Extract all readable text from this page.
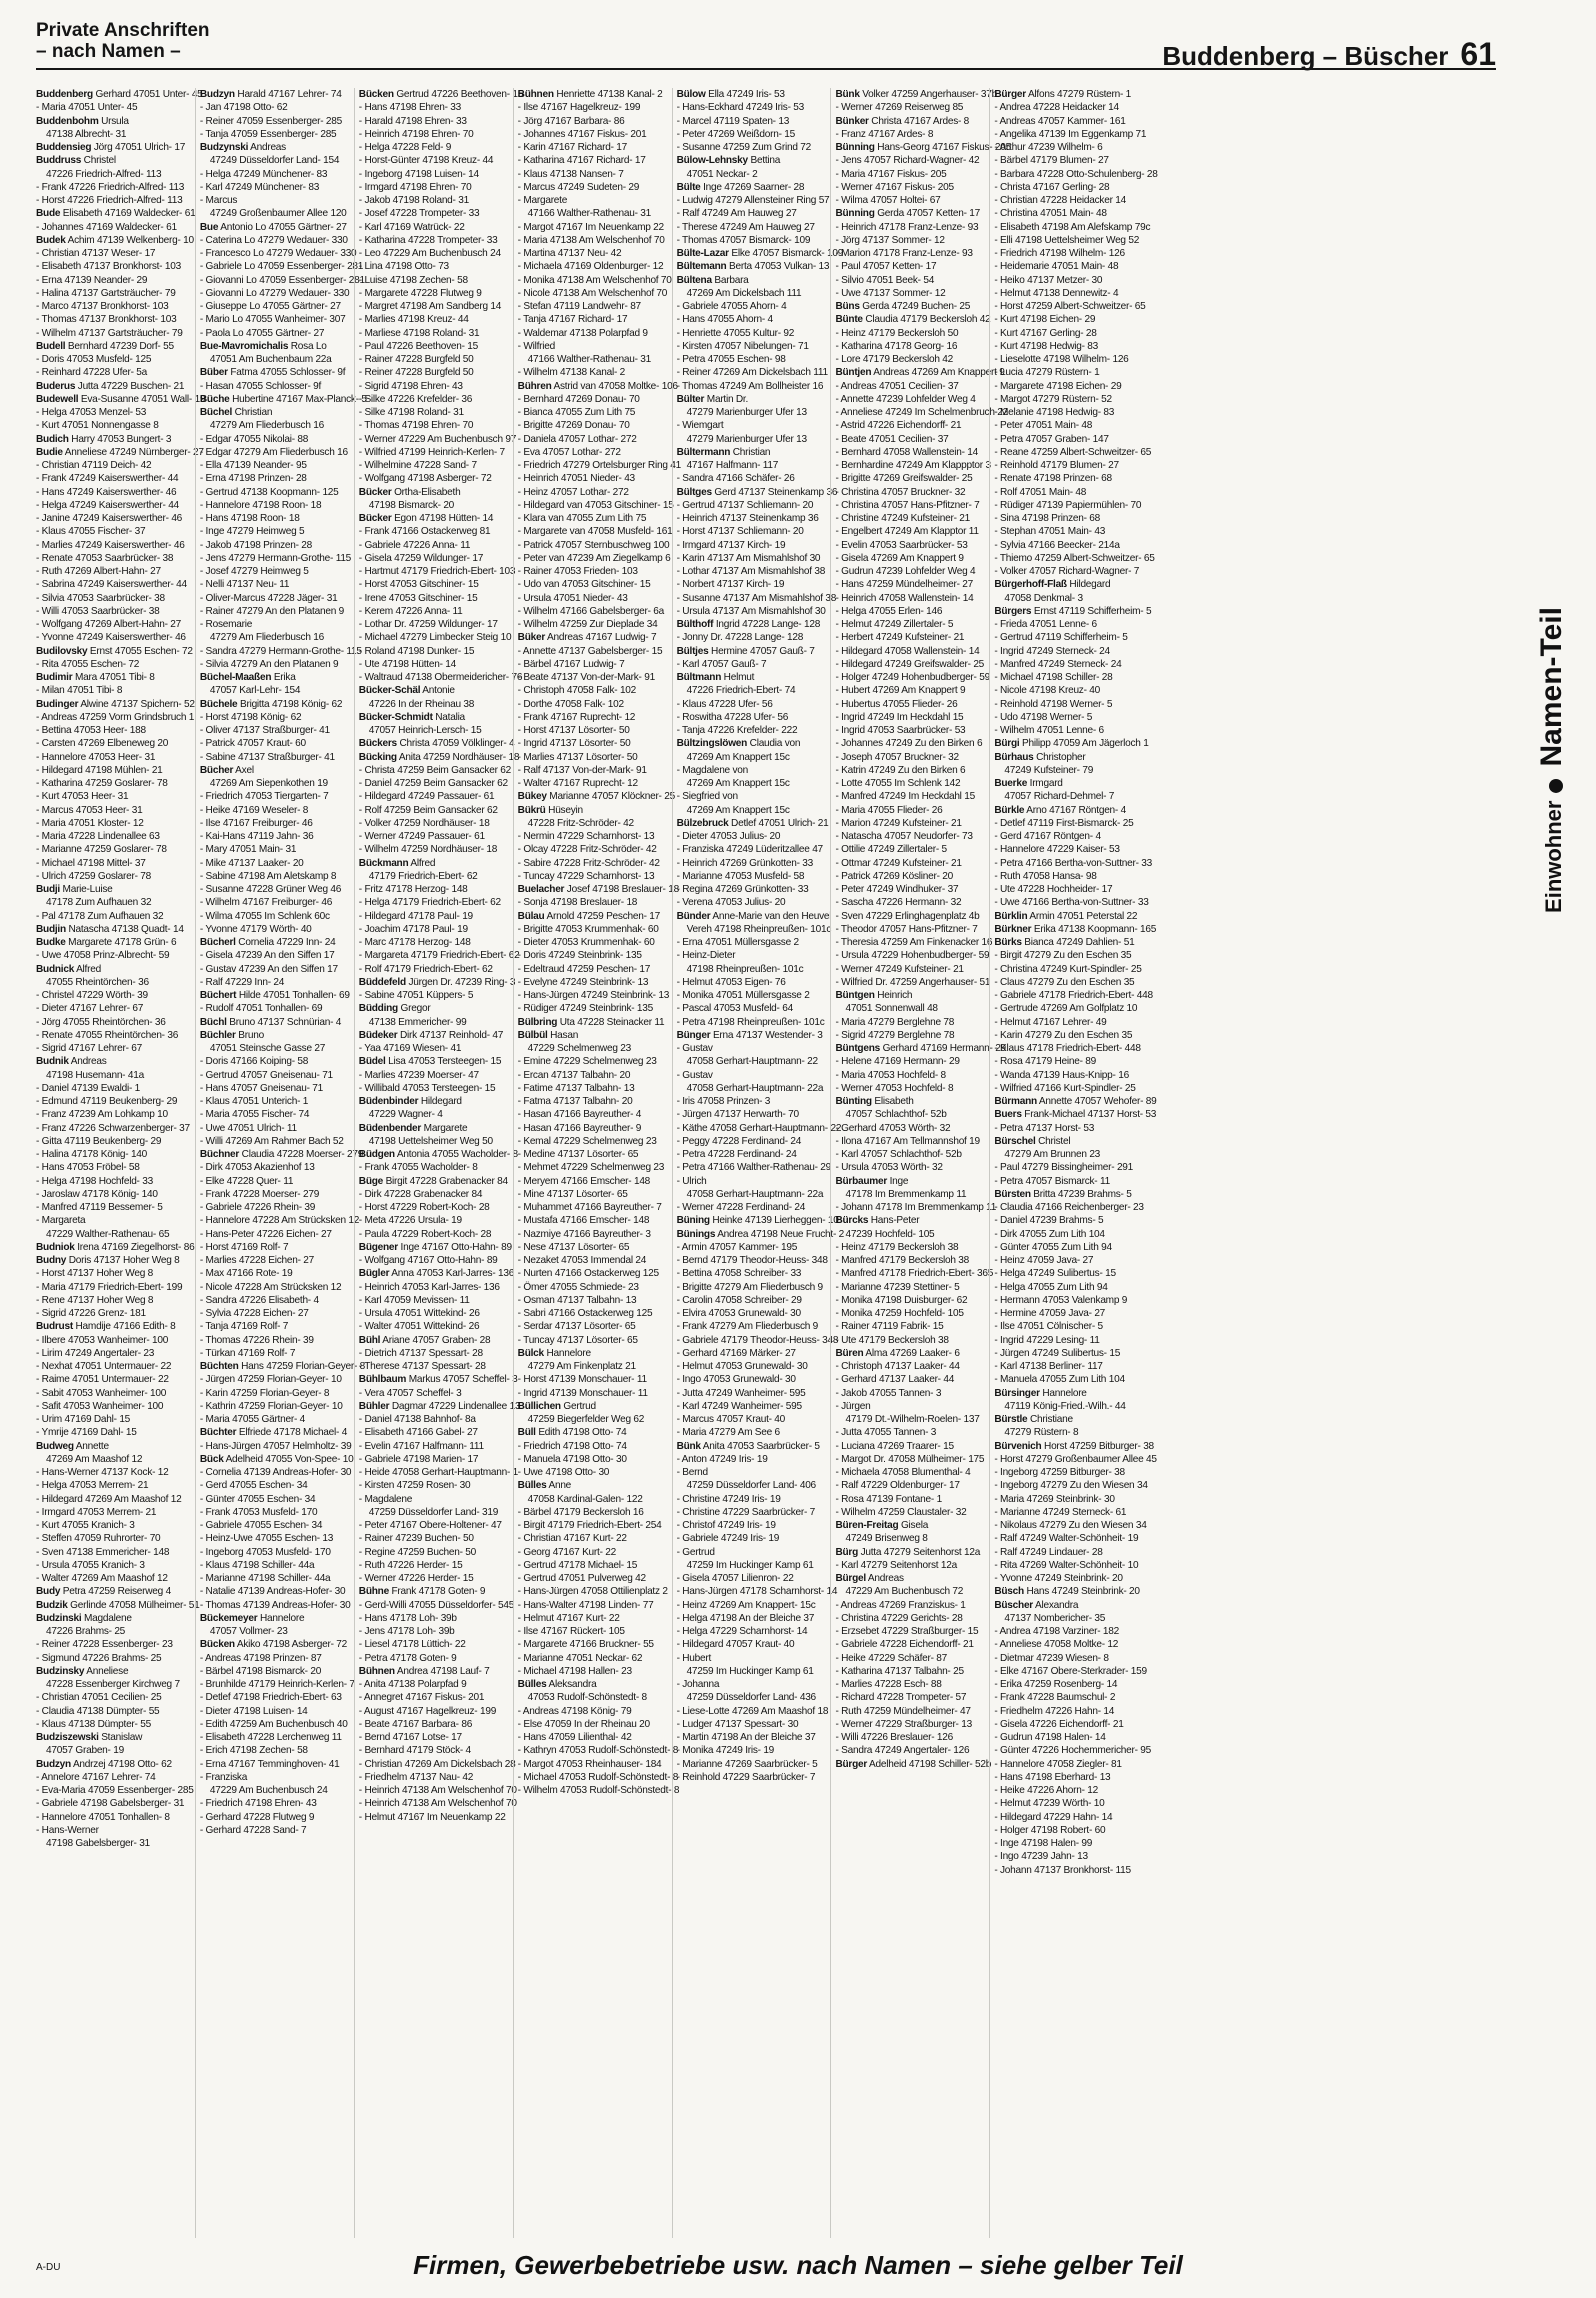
Private Anschriften
– nach Namen –	Buddenberg – Büscher 61
Buddenberg Gerhard 47051 Unter- 45
- Maria 47051 Unter- 45
Buddenbohm Ursula
47138 Albrecht- 31
Buddensieg Jörg 47051 Ulrich- 17
Buddruss Christel
47226 Friedrich-Alfred- 113
- Frank 47226 Friedrich-Alfred- 113
- Horst 47226 Friedrich-Alfred- 113
Bude Elisabeth 47169 Waldecker- 61
- Johannes 47169 Waldecker- 61
Budek Achim 47139 Welkenberg- 10
- Christian 47137 Weser- 17
- Elisabeth 47137 Bronkhorst- 103
- Erna 47139 Neander- 29
- Halina 47137 Gartsträucher- 79
- Marco 47137 Bronkhorst- 103
- Thomas 47137 Bronkhorst- 103
- Wilhelm 47137 Gartsträucher- 79
Budell Bernhard 47239 Dorf- 55
- Doris 47053 Musfeld- 125
- Reinhard 47228 Ufer- 5a
Buderus Jutta 47229 Buschen- 21
Budewell Eva-Susanne 47051 Wall- 19
- Helga 47053 Menzel- 53
- Kurt 47051 Nonnengasse 8
Budich Harry 47053 Bungert- 3
Budie Anneliese 47249 Nürnberger- 27
- Christian 47119 Deich- 42
- Frank 47249 Kaiserswerther- 44
- Hans 47249 Kaiserswerther- 46
- Helga 47249 Kaiserswerther- 44
- Janine 47249 Kaiserswerther- 46
- Klaus 47055 Fischer- 37
- Marlies 47249 Kaiserswerther- 46
- Renate 47053 Saarbrücker- 38
- Ruth 47269 Albert-Hahn- 27
- Sabrina 47249 Kaiserswerther- 44
- Silvia 47053 Saarbrücker- 38
- Willi 47053 Saarbrücker- 38
- Wolfgang 47269 Albert-Hahn- 27
- Yvonne 47249 Kaiserswerther- 46
Budilovsky Ernst 47055 Eschen- 72
- Rita 47055 Eschen- 72
Budimir Mara 47051 Tibi- 8
- Milan 47051 Tibi- 8
Budinger Alwine 47137 Spichern- 52
- Andreas 47259 Vorm Grindsbruch 1
- Bettina 47053 Heer- 188
- Carsten 47269 Elbeneweg 20
- Hannelore 47053 Heer- 31
- Hildegard 47198 Mühlen- 21
- Katharina 47259 Goslarer- 78
- Kurt 47053 Heer- 31
- Marcus 47053 Heer- 31
- Maria 47051 Kloster- 12
- Maria 47228 Lindenallee 63
- Marianne 47259 Goslarer- 78
- Michael 47198 Mittel- 37
- Ulrich 47259 Goslarer- 78
Budji Marie-Luise
47178 Zum Aufhauen 32
- Pal 47178 Zum Aufhauen 32
Budjin Natascha 47138 Quadt- 14
Budke Margarete 47178 Grün- 6
- Uwe 47058 Prinz-Albrecht- 59
Budnick Alfred
47055 Rheintörchen- 36
- Christel 47229 Wörth- 39
- Dieter 47167 Lehrer- 67
- Jörg 47055 Rheintörchen- 36
- Renate 47055 Rheintörchen- 36
- Sigrid 47167 Lehrer- 67
Budnik Andreas
47198 Husemann- 41a
- Daniel 47139 Ewaldi- 1
- Edmund 47119 Beukenberg- 29
- Franz 47239 Am Lohkamp 10
- Franz 47226 Schwarzenberger- 37
- Gitta 47119 Beukenberg- 29
- Halina 47178 König- 140
- Hans 47053 Fröbel- 58
- Helga 47198 Hochfeld- 33
- Jaroslaw 47178 König- 140
- Manfred 47119 Bessemer- 5
- Margareta
47229 Walther-Rathenau- 65
Budniok Irena 47169 Ziegelhorst- 86
Budny Doris 47137 Hoher Weg 8
- Horst 47137 Hoher Weg 8
- Maria 47179 Friedrich-Ebert- 199
- Rene 47137 Hoher Weg 8
- Sigrid 47226 Grenz- 181
Budrust Hamdije 47166 Edith- 8
- Ilbere 47053 Wanheimer- 100
- Lirim 47249 Angertaler- 23
- Nexhat 47051 Untermauer- 22
- Raime 47051 Untermauer- 22
- Sabit 47053 Wanheimer- 100
- Safit 47053 Wanheimer- 100
- Urim 47169 Dahl- 15
- Ymrije 47169 Dahl- 15
Budweg Annette
47269 Am Maashof 12
- Hans-Werner 47137 Kock- 12
- Helga 47053 Merrem- 21
- Hildegard 47269 Am Maashof 12
- Irmgard 47053 Merrem- 21
- Kurt 47055 Kranich- 3
- Steffen 47059 Ruhrorter- 70
- Sven 47138 Emmericher- 148
- Ursula 47055 Kranich- 3
- Walter 47269 Am Maashof 12
Budy Petra 47259 Reiserweg 4
Budzik Gerlinde 47058 Mülheimer- 51
Budzinski Magdalene
47226 Brahms- 25
- Reiner 47228 Essenberger- 23
- Sigmund 47226 Brahms- 25
Budzinsky Anneliese
47228 Essenberger Kirchweg 7
- Christian 47051 Cecilien- 25
- Claudia 47138 Dümpter- 55
- Klaus 47138 Dümpter- 55
Budziszewski Stanislaw
47057 Graben- 19
Budzyn Andrzej 47198 Otto- 62
- Annelore 47167 Lehrer- 74
- Eva-Maria 47059 Essenberger- 285
- Gabriele 47198 Gabelsberger- 31
- Hannelore 47051 Tonhallen- 8
- Hans-Werner
47198 Gabelsberger- 31
Budzyn Harald 47167 Lehrer- 74
- Jan 47198 Otto- 62
- Reiner 47059 Essenberger- 285
- Tanja 47059 Essenberger- 285
Budzynski Andreas
47249 Düsseldorfer Land- 154
- Helga 47249 Münchener- 83
- Karl 47249 Münchener- 83
- Marcus
47249 Großenbaumer Allee 120
Bue Antonio Lo 47055 Gärtner- 27
- Caterina Lo 47279 Wedauer- 330
- Francesco Lo 47279 Wedauer- 330
- Gabriele Lo 47059 Essenberger- 281
- Giovanni Lo 47059 Essenberger- 281
- Giovanni Lo 47279 Wedauer- 330
- Giuseppe Lo 47055 Gärtner- 27
- Mario Lo 47055 Wanheimer- 307
- Paola Lo 47055 Gärtner- 27
Bue-Mavromichalis Rosa Lo
47051 Am Buchenbaum 22a
Büber Fatma 47055 Schlosser- 9f
- Hasan 47055 Schlosser- 9f
Büche Hubertine 47167 Max-Planck- 5
Büchel Christian
47279 Am Fliederbusch 16
- Edgar 47055 Nikolai- 88
- Edgar 47279 Am Fliederbusch 16
- Ella 47139 Neander- 95
- Erna 47198 Prinzen- 28
- Gertrud 47138 Koopmann- 125
- Hannelore 47198 Roon- 18
- Hans 47198 Roon- 18
- Inge 47279 Heimweg 5
- Jakob 47198 Prinzen- 28
- Jens 47279 Hermann-Grothe- 115
- Josef 47279 Heimweg 5
- Nelli 47137 Neu- 11
- Oliver-Marcus 47228 Jäger- 31
- Rainer 47279 An den Platanen 9
- Rosemarie
47279 Am Fliederbusch 16
- Sandra 47279 Hermann-Grothe- 115
- Silvia 47279 An den Platanen 9
Büchel-Maaßen Erika
47057 Karl-Lehr- 154
Büchele Brigitta 47198 König- 62
- Horst 47198 König- 62
- Oliver 47137 Straßburger- 41
- Patrick 47057 Kraut- 60
- Sabine 47137 Straßburger- 41
Bücher Axel
47269 Am Siepenkothen 19
- Friedrich 47053 Tiergarten- 7
- Heike 47169 Weseler- 8
- Ilse 47167 Freiburger- 46
- Kai-Hans 47119 Jahn- 36
- Mary 47051 Main- 31
- Mike 47137 Laaker- 20
- Sabine 47198 Am Aletskamp 8
- Susanne 47228 Grüner Weg 46
- Wilhelm 47167 Freiburger- 46
- Wilma 47055 Im Schlenk 60c
- Yvonne 47179 Wörth- 40
Bücherl Cornelia 47229 Inn- 24
- Gisela 47239 An den Siffen 17
- Gustav 47239 An den Siffen 17
- Ralf 47229 Inn- 24
Büchert Hilde 47051 Tonhallen- 69
- Rudolf 47051 Tonhallen- 69
Büchl Bruno 47137 Schnürian- 4
Büchler Bruno
47051 Steinsche Gasse 27
- Doris 47166 Koiping- 58
- Gertrud 47057 Gneisenau- 71
- Hans 47057 Gneisenau- 71
- Klaus 47051 Unterich- 1
- Maria 47055 Fischer- 74
- Uwe 47051 Ulrich- 11
- Willi 47269 Am Rahmer Bach 52
Büchner Claudia 47228 Moerser- 279
- Dirk 47053 Akazienhof 13
- Elke 47228 Quer- 11
- Frank 47228 Moerser- 279
- Gabriele 47226 Rhein- 39
- Hannelore 47228 Am Strücksken 12
- Hans-Peter 47226 Eichen- 27
- Horst 47169 Rolf- 7
- Marlies 47228 Eichen- 27
- Max 47166 Rote- 19
- Nicole 47228 Am Strücksken 12
- Sandra 47226 Elisabeth- 4
- Sylvia 47228 Eichen- 27
- Tanja 47169 Rolf- 7
- Thomas 47226 Rhein- 39
- Türkan 47169 Rolf- 7
Büchten Hans 47259 Florian-Geyer- 8
- Jürgen 47259 Florian-Geyer- 10
- Karin 47259 Florian-Geyer- 8
- Kathrin 47259 Florian-Geyer- 10
- Maria 47055 Gärtner- 4
Büchter Elfriede 47178 Michael- 4
- Hans-Jürgen 47057 Helmholtz- 39
Bück Adelheid 47055 Von-Spee- 10
- Cornelia 47139 Andreas-Hofer- 30
- Gerd 47055 Eschen- 34
- Günter 47055 Eschen- 34
- Frank 47053 Musfeld- 170
- Gabriele 47055 Eschen- 34
- Heinz-Uwe 47055 Eschen- 13
- Ingeborg 47053 Musfeld- 170
- Klaus 47198 Schiller- 44a
- Marianne 47198 Schiller- 44a
- Natalie 47139 Andreas-Hofer- 30
- Thomas 47139 Andreas-Hofer- 30
Bückemeyer Hannelore
47057 Vollmer- 23
Bücken Akiko 47198 Asberger- 72
- Andreas 47198 Prinzen- 87
- Bärbel 47198 Bismarck- 20
- Brunhilde 47179 Heinrich-Kerlen- 7
- Detlef 47198 Friedrich-Ebert- 63
- Dieter 47198 Luisen- 14
- Edith 47259 Am Buchenbusch 40
- Elisabeth 47228 Lerchenweg 11
- Erich 47198 Zechen- 58
- Erna 47167 Temminghoven- 41
- Franziska
47229 Am Buchenbusch 24
- Friedrich 47198 Ehren- 43
- Gerhard 47228 Flutweg 9
- Gerhard 47228 Sand- 7
Bücken Gertrud 47226 Beethoven- 15
- Hans 47198 Ehren- 33
- Harald 47198 Ehren- 33
- Heinrich 47198 Ehren- 70
- Helga 47228 Feld- 9
- Horst-Günter 47198 Kreuz- 44
- Ingeborg 47198 Luisen- 14
- Irmgard 47198 Ehren- 70
- Jakob 47198 Roland- 31
- Josef 47228 Trompeter- 33
- Karl 47169 Watrück- 22
- Katharina 47228 Trompeter- 33
- Leo 47229 Am Buchenbusch 24
- Lina 47198 Otto- 73
- Luise 47198 Zechen- 58
- Margarete 47228 Flutweg 9
- Margret 47198 Am Sandberg 14
- Marlies 47198 Kreuz- 44
- Marliese 47198 Roland- 31
- Paul 47226 Beethoven- 15
- Rainer 47228 Burgfeld 50
- Reiner 47228 Burgfeld 50
- Sigrid 47198 Ehren- 43
- Silke 47226 Krefelder- 36
- Silke 47198 Roland- 31
- Thomas 47198 Ehren- 70
- Werner 47229 Am Buchenbusch 97
- Wilfried 47199 Heinrich-Kerlen- 7
- Wilhelmine 47228 Sand- 7
- Wolfgang 47198 Asberger- 72
Bücker Ortha-Elisabeth
47198 Bismarck- 20
Bücker Egon 47198 Hütten- 14
- Frank 47166 Ostackerweg 81
- Gabriele 47226 Anna- 11
- Gisela 47259 Wildunger- 17
- Hartmut 47179 Friedrich-Ebert- 103
- Horst 47053 Gitschiner- 15
- Irene 47053 Gitschiner- 15
- Kerem 47226 Anna- 11
- Lothar Dr. 47259 Wildunger- 17
- Michael 47279 Limbecker Steig 10
- Roland 47198 Dunker- 15
- Ute 47198 Hütten- 14
- Waltraud 47138 Obermeidericher- 76
Bücker-Schäl Antonie
47226 In der Rheinau 38
Bücker-Schmidt Natalia
47057 Heinrich-Lersch- 15
Bückers Christa 47059 Völklinger- 4
Bücking Anita 47259 Nordhäuser- 18
- Christa 47259 Beim Gansacker 62
- Daniel 47259 Beim Gansacker 62
- Hildegard 47249 Passauer- 61
- Rolf 47259 Beim Gansacker 62
- Volker 47259 Nordhäuser- 18
- Werner 47249 Passauer- 61
- Wilhelm 47259 Nordhäuser- 18
Bückmann Alfred
47179 Friedrich-Ebert- 62
- Fritz 47178 Herzog- 148
- Helga 47179 Friedrich-Ebert- 62
- Hildegard 47178 Paul- 19
- Joachim 47178 Paul- 19
- Marc 47178 Herzog- 148
- Margareta 47179 Friedrich-Ebert- 62
- Rolf 47179 Friedrich-Ebert- 62
Büddefeld Jürgen Dr. 47239 Ring- 3
- Sabine 47051 Küppers- 5
Büdding Gregor
47138 Emmericher- 99
Büdeker Dirk 47137 Reinhold- 47
- Yaa 47169 Wiesen- 41
Büdel Lisa 47053 Tersteegen- 15
- Marlies 47239 Moerser- 47
- Willibald 47053 Tersteegen- 15
Büdenbinder Hildegard
47229 Wagner- 4
Büdenbender Margarete
47198 Uettelsheimer Weg 50
Büdgen Antonia 47055 Wacholder- 8
- Frank 47055 Wacholder- 8
Büge Birgit 47228 Grabenacker 84
- Dirk 47228 Grabenacker 84
- Horst 47229 Robert-Koch- 28
- Meta 47226 Ursula- 19
- Paula 47229 Robert-Koch- 28
Bügener Inge 47167 Otto-Hahn- 89
- Wolfgang 47167 Otto-Hahn- 89
Bügler Anna 47053 Karl-Jarres- 136
- Heinrich 47053 Karl-Jarres- 136
- Karl 47059 Mevissen- 11
- Ursula 47051 Wittekind- 26
- Walter 47051 Wittekind- 26
Bühl Ariane 47057 Graben- 28
- Dietrich 47137 Spessart- 28
- Therese 47137 Spessart- 28
Bühlbaum Markus 47057 Scheffel- 3
- Vera 47057 Scheffel- 3
Bühler Dagmar 47229 Lindenallee 13
- Daniel 47138 Bahnhof- 8a
- Elisabeth 47166 Gabel- 27
- Evelin 47167 Halfmann- 111
- Gabriele 47198 Marien- 17
- Heide 47058 Gerhart-Hauptmann- 1
- Kirsten 47259 Rosen- 30
- Magdalene
47259 Düsseldorfer Land- 319
- Peter 47167 Obere-Holtener- 47
- Rainer 47239 Buchen- 50
- Regine 47259 Buchen- 50
- Ruth 47226 Herder- 15
- Werner 47226 Herder- 15
Bühne Frank 47178 Goten- 9
- Gerd-Willi 47055 Düsseldorfer- 545
- Hans 47178 Loh- 39b
- Jens 47178 Loh- 39b
- Liesel 47178 Lüttich- 22
- Petra 47178 Goten- 9
Bühnen Andrea 47198 Lauf- 7
- Anita 47138 Polarpfad 9
- Annegret 47167 Fiskus- 201
- August 47167 Hagelkreuz- 199
- Beate 47167 Barbara- 86
- Bernd 47167 Lotse- 17
- Bernhard 47179 Stöck- 4
- Christian 47269 Am Dickelsbach 28
- Friedhelm 47137 Nau- 42
- Heinrich 47138 Am Welschenhof 70
- Heinrich 47138 Am Welschenhof 70
- Helmut 47167 Im Neuenkamp 22
Bühnen Henriette 47138 Kanal- 2
- Ilse 47167 Hagelkreuz- 199
- Jörg 47167 Barbara- 86
- Johannes 47167 Fiskus- 201
- Karin 47167 Richard- 17
- Katharina 47167 Richard- 17
- Klaus 47138 Nansen- 7
- Marcus 47249 Sudeten- 29
- Margarete
47166 Walther-Rathenau- 31
- Margot 47167 Im Neuenkamp 22
- Maria 47138 Am Welschenhof 70
- Martina 47137 Neu- 42
- Michaela 47169 Oldenburger- 12
- Monika 47138 Am Welschenhof 70
- Nicole 47138 Am Welschenhof 70
- Stefan 47119 Landwehr- 87
- Tanja 47167 Richard- 17
- Waldemar 47138 Polarpfad 9
- Wilfried
47166 Walther-Rathenau- 31
- Wilhelm 47138 Kanal- 2
Bühren Astrid van 47058 Moltke- 106
- Bernhard 47269 Donau- 70
- Bianca 47055 Zum Lith 75
- Brigitte 47269 Donau- 70
- Daniela 47057 Lothar- 272
- Eva 47057 Lothar- 272
- Friedrich 47279 Ortelsburger Ring 41
- Heinrich 47051 Nieder- 43
- Heinz 47057 Lothar- 272
- Hildegard van 47053 Gitschiner- 15
- Klara van 47055 Zum Lith 75
- Margarete van 47058 Musfeld- 161
- Patrick 47057 Sternbuschweg 100
- Peter van 47239 Am Ziegelkamp 6
- Rainer 47053 Frieden- 103
- Udo van 47053 Gitschiner- 15
- Ursula 47051 Nieder- 43
- Wilhelm 47166 Gabelsberger- 6a
- Wilhelm 47259 Zur Dieplade 34
Büker Andreas 47167 Ludwig- 7
- Annette 47137 Gabelsberger- 15
- Bärbel 47167 Ludwig- 7
- Beate 47137 Von-der-Mark- 91
- Christoph 47058 Falk- 102
- Dorthe 47058 Falk- 102
- Frank 47167 Ruprecht- 12
- Horst 47137 Lösorter- 50
- Ingrid 47137 Lösorter- 50
- Marlies 47137 Lösorter- 50
- Ralf 47137 Von-der-Mark- 91
- Walter 47167 Ruprecht- 12
Bükey Marianne 47057 Klöckner- 25
Bükrü Hüseyin
47228 Fritz-Schröder- 42
- Nermin 47229 Scharnhorst- 13
- Olcay 47228 Fritz-Schröder- 42
- Sabire 47228 Fritz-Schröder- 42
- Tuncay 47229 Scharnhorst- 13
Buelacher Josef 47198 Breslauer- 18
- Sonja 47198 Breslauer- 18
Bülau Arnold 47259 Peschen- 17
- Brigitte 47053 Krummenhak- 60
- Dieter 47053 Krummenhak- 60
- Doris 47249 Steinbrink- 135
- Edeltraud 47259 Peschen- 17
- Evelyne 47249 Steinbrink- 13
- Hans-Jürgen 47249 Steinbrink- 13
- Rüdiger 47249 Steinbrink- 135
Bülbring Uta 47228 Steinacker 11
Bülbül Hasan
47229 Schelmenweg 23
- Emine 47229 Schelmenweg 23
- Ercan 47137 Talbahn- 20
- Fatime 47137 Talbahn- 13
- Fatma 47137 Talbahn- 20
- Hasan 47166 Bayreuther- 4
- Hasan 47166 Bayreuther- 9
- Kemal 47229 Schelmenweg 23
- Medine 47137 Lösorter- 65
- Mehmet 47229 Schelmenweg 23
- Meryem 47166 Emscher- 148
- Mine 47137 Lösorter- 65
- Muhammet 47166 Bayreuther- 7
- Mustafa 47166 Emscher- 148
- Nazmiye 47166 Bayreuther- 3
- Nese 47137 Lösorter- 65
- Nezaket 47053 Immendal 24
- Nurten 47166 Ostackerweg 125
- Ömer 47055 Schmiede- 23
- Osman 47137 Talbahn- 13
- Sabri 47166 Ostackerweg 125
- Serdar 47137 Lösorter- 65
- Tuncay 47137 Lösorter- 65
Bülck Hannelore
47279 Am Finkenplatz 21
- Horst 47139 Monschauer- 11
- Ingrid 47139 Monschauer- 11
Büllichen Gertrud
47259 Biegerfelder Weg 62
Büll Edith 47198 Otto- 74
- Friedrich 47198 Otto- 74
- Manuela 47198 Otto- 30
- Uwe 47198 Otto- 30
Bülles Anne
47058 Kardinal-Galen- 122
- Bärbel 47179 Beckersloh 16
- Birgit 47179 Friedrich-Ebert- 254
- Christian 47167 Kurt- 22
- Georg 47167 Kurt- 22
- Gertrud 47178 Michael- 15
- Gertrud 47051 Pulverweg 42
- Hans-Jürgen 47058 Ottilienplatz 2
- Hans-Walter 47198 Linden- 77
- Helmut 47167 Kurt- 22
- Ilse 47167 Rückert- 105
- Margarete 47166 Bruckner- 55
- Marianne 47051 Neckar- 62
- Michael 47198 Hallen- 23
Bülles Aleksandra
47053 Rudolf-Schönstedt- 8
- Andreas 47198 König- 79
- Else 47059 In der Rheinau 20
- Hans 47059 Lilienthal- 42
- Kathryn 47053 Rudolf-Schönstedt- 8
- Margot 47053 Rheinhauser- 184
- Michael 47053 Rudolf-Schönstedt- 8
- Wilhelm 47053 Rudolf-Schönstedt- 8
Bülow Ella 47249 Iris- 53
- Hans-Eckhard 47249 Iris- 53
- Marcel 47119 Spaten- 13
- Peter 47269 Weißdorn- 15
- Susanne 47259 Zum Grind 72
Bülow-Lehnsky Bettina
47051 Neckar- 2
Bülte Inge 47269 Saarner- 28
- Ludwig 47279 Allensteiner Ring 57
- Ralf 47249 Am Hauweg 27
- Therese 47249 Am Hauweg 27
- Thomas 47057 Bismarck- 109
Bülte-Lazar Elke 47057 Bismarck- 109
Bültemann Berta 47053 Vulkan- 13
Bültena Barbara
47269 Am Dickelsbach 111
- Gabriele 47055 Ahorn- 4
- Hans 47055 Ahorn- 4
- Henriette 47055 Kultur- 92
- Kirsten 47057 Nibelungen- 71
- Petra 47055 Eschen- 98
- Reiner 47269 Am Dickelsbach 111
- Thomas 47249 Am Bollheister 16
Bülter Martin Dr.
47279 Marienburger Ufer 13
- Wiemgart
47279 Marienburger Ufer 13
Bültermann Christian
47167 Halfmann- 117
- Sandra 47166 Schäfer- 26
Bültges Gerd 47137 Steinenkamp 36
- Gertrud 47137 Schliemann- 20
- Heinrich 47137 Steinenkamp 36
- Horst 47137 Schliemann- 20
- Irmgard 47137 Kirch- 19
- Karin 47137 Am Mismahlshof 30
- Lothar 47137 Am Mismahlshof 38
- Norbert 47137 Kirch- 19
- Susanne 47137 Am Mismahlshof 38
- Ursula 47137 Am Mismahlshof 30
Bülthoff Ingrid 47228 Lange- 128
- Jonny Dr. 47228 Lange- 128
Bültjes Hermine 47057 Gauß- 7
- Karl 47057 Gauß- 7
Bültmann Helmut
47226 Friedrich-Ebert- 74
- Klaus 47228 Ufer- 56
- Roswitha 47228 Ufer- 56
- Tanja 47226 Krefelder- 222
Bültzingslöwen Claudia von
47269 Am Knappert 15c
- Magdalene von
47269 Am Knappert 15c
- Siegfried von
47269 Am Knappert 15c
Bülzebruck Detlef 47051 Ulrich- 21
- Dieter 47053 Julius- 20
- Franziska 47249 Lüderitzallee 47
- Heinrich 47269 Grünkotten- 33
- Marianne 47053 Musfeld- 58
- Regina 47269 Grünkotten- 33
- Verena 47053 Julius- 20
Bünder Anne-Marie van den Heuvel
Vereh 47198 Rheinpreußen- 101c
- Erna 47051 Müllersgasse 2
- Heinz-Dieter
47198 Rheinpreußen- 101c
- Helmut 47053 Eigen- 76
- Monika 47051 Müllersgasse 2
- Pascal 47053 Musfeld- 64
- Petra 47198 Rheinpreußen- 101c
Bünger Erna 47137 Westender- 3
- Gustav
47058 Gerhart-Hauptmann- 22
- Gustav
47058 Gerhart-Hauptmann- 22a
- Iris 47058 Prinzen- 3
- Jürgen 47137 Herwarth- 70
- Käthe 47058 Gerhart-Hauptmann- 22
- Peggy 47228 Ferdinand- 24
- Petra 47228 Ferdinand- 24
- Petra 47166 Walther-Rathenau- 29
- Ulrich
47058 Gerhart-Hauptmann- 22a
- Werner 47228 Ferdinand- 24
Büning Heinke 47139 Lierheggen- 10
Bünings Andrea 47198 Neue Frucht- 2
- Armin 47057 Kammer- 195
- Bernd 47179 Theodor-Heuss- 348
- Bettina 47058 Schreiber- 33
- Brigitte 47279 Am Fliederbusch 9
- Carolin 47058 Schreiber- 29
- Elvira 47053 Grunewald- 30
- Frank 47279 Am Fliederbusch 9
- Gabriele 47179 Theodor-Heuss- 348
- Gerhard 47169 Märker- 27
- Helmut 47053 Grunewald- 30
- Ingo 47053 Grunewald- 30
- Jutta 47249 Wanheimer- 595
- Karl 47249 Wanheimer- 595
- Marcus 47057 Kraut- 40
- Maria 47279 Am See 6
Bünk Anita 47053 Saarbrücker- 5
- Anton 47249 Iris- 19
- Bernd
47259 Düsseldorfer Land- 406
- Christine 47249 Iris- 19
- Christine 47229 Saarbrücker- 7
- Christof 47249 Iris- 19
- Gabriele 47249 Iris- 19
- Gertrud
47259 Im Huckinger Kamp 61
- Gisela 47057 Lilienron- 22
- Hans-Jürgen 47178 Scharnhorst- 14
- Heinz 47269 Am Knappert- 15c
- Helga 47198 An der Bleiche 37
- Helga 47229 Scharnhorst- 14
- Hildegard 47057 Kraut- 40
- Hubert
47259 Im Huckinger Kamp 61
- Johanna
47259 Düsseldorfer Land- 436
- Liese-Lotte 47269 Am Maashof 18
- Ludger 47137 Spessart- 30
- Martin 47198 An der Bleiche 37
- Monika 47249 Iris- 19
- Marianne 47269 Saarbrücker- 5
- Reinhold 47229 Saarbrücker- 7
Bünk Volker 47259 Angerhauser- 37b
- Werner 47269 Reiserweg 85
Bünker Christa 47167 Ardes- 8
- Franz 47167 Ardes- 8
Bünning Hans-Georg 47167 Fiskus- 205
- Jens 47057 Richard-Wagner- 42
- Maria 47167 Fiskus- 205
- Werner 47167 Fiskus- 205
- Wilma 47057 Holtei- 67
Bünning Gerda 47057 Ketten- 17
- Heinrich 47178 Franz-Lenze- 93
- Jörg 47137 Sommer- 12
- Marion 47178 Franz-Lenze- 93
- Paul 47057 Ketten- 17
- Silvio 47051 Beek- 54
- Uwe 47137 Sommer- 12
Büns Gerda 47249 Buchen- 25
Bünte Claudia 47179 Beckersloh 42
- Heinz 47179 Beckersloh 50
- Katharina 47178 Georg- 16
- Lore 47179 Beckersloh 42
Büntjen Andreas 47269 Am Knappert 9
- Andreas 47051 Cecilien- 37
- Annette 47239 Lohfelder Weg 4
- Anneliese 47249 Im Schelmenbruch 22
- Astrid 47226 Eichendorff- 21
- Beate 47051 Cecilien- 37
- Bernhard 47058 Wallenstein- 14
- Bernhardine 47249 Am Klappptor 3
- Brigitte 47269 Greifswalder- 25
- Christina 47057 Bruckner- 32
- Christina 47057 Hans-Pfitzner- 7
- Christine 47249 Kufsteiner- 21
- Engelbert 47249 Am Klapptor 11
- Evelin 47053 Saarbrücker- 53
- Gisela 47269 Am Knappert 9
- Gudrun 47239 Lohfelder Weg 4
- Hans 47259 Mündelheimer- 27
- Heinrich 47058 Wallenstein- 14
- Helga 47055 Erlen- 146
- Helmut 47249 Zillertaler- 5
- Herbert 47249 Kufsteiner- 21
- Hildegard 47058 Wallenstein- 14
- Hildegard 47249 Greifswalder- 25
- Holger 47249 Hohenbudberger- 59
- Hubert 47269 Am Knappert 9
- Hubertus 47055 Flieder- 26
- Ingrid 47249 Im Heckdahl 15
- Ingrid 47053 Saarbrücker- 53
- Johannes 47249 Zu den Birken 6
- Joseph 47057 Bruckner- 32
- Katrin 47249 Zu den Birken 6
- Lotte 47055 Im Schlenk 142
- Manfred 47249 Im Heckdahl 15
- Maria 47055 Flieder- 26
- Marion 47249 Kufsteiner- 21
- Natascha 47057 Neudorfer- 73
- Ottilie 47249 Zillertaler- 5
- Ottmar 47249 Kufsteiner- 21
- Patrick 47269 Kösliner- 20
- Peter 47249 Windhuker- 37
- Sascha 47226 Hermann- 32
- Sven 47229 Erlinghagenplatz 4b
- Theodor 47057 Hans-Pfitzner- 7
- Theresia 47259 Am Finkenacker 16
- Ursula 47229 Hohenbudberger- 59
- Werner 47249 Kufsteiner- 21
- Wilfried Dr. 47259 Angerhauser- 51
Büntgen Heinrich
47051 Sonnenwall 48
- Maria 47279 Berglehne 78
- Sigrid 47279 Berglehne 78
Büntgens Gerhard 47169 Hermann- 29
- Helene 47169 Hermann- 29
- Maria 47053 Hochfeld- 8
- Werner 47053 Hochfeld- 8
Bünting Elisabeth
47057 Schlachthof- 52b
- Gerhard 47053 Wörth- 32
- Ilona 47167 Am Tellmannshof 19
- Karl 47057 Schlachthof- 52b
- Ursula 47053 Wörth- 32
Bürbaumer Inge
47178 Im Bremmenkamp 11
- Johann 47178 Im Bremmenkamp 11
Bürcks Hans-Peter
47239 Hochfeld- 105
- Heinz 47179 Beckersloh 38
- Manfred 47179 Beckersloh 38
- Manfred 47178 Friedrich-Ebert- 365
- Marianne 47239 Stettiner- 5
- Monika 47198 Duisburger- 62
- Monika 47259 Hochfeld- 105
- Rainer 47119 Fabrik- 15
- Ute 47179 Beckersloh 38
Büren Alma 47269 Laaker- 6
- Christoph 47137 Laaker- 44
- Gerhard 47137 Laaker- 44
- Jakob 47055 Tannen- 3
- Jürgen
47179 Dt.-Wilhelm-Roelen- 137
- Jutta 47055 Tannen- 3
- Luciana 47269 Traarer- 15
- Margot Dr. 47058 Mülheimer- 175
- Michaela 47058 Blumenthal- 4
- Ralf 47229 Oldenburger- 17
- Rosa 47139 Fontane- 1
- Wilhelm 47259 Claustaler- 32
Büren-Freitag Gisela
47249 Brisenweg 8
Bürg Jutta 47279 Seitenhorst 12a
- Karl 47279 Seitenhorst 12a
Bürgel Andreas
47229 Am Buchenbusch 72
- Andreas 47269 Franziskus- 1
- Christina 47229 Gerichts- 28
- Erzsebet 47229 Straßburger- 15
- Gabriele 47228 Eichendorff- 21
- Heike 47229 Schäfer- 87
- Katharina 47137 Talbahn- 25
- Marlies 47228 Esch- 88
- Richard 47228 Trompeter- 57
- Ruth 47259 Mündelheimer- 47
- Werner 47229 Straßburger- 13
- Willi 47226 Breslauer- 126
- Sandra 47249 Angertaler- 126
Bürger Adelheid 47198 Schiller- 52b
Bürger Alfons 47279 Rüstern- 1
- Andrea 47228 Heidacker 14
- Andreas 47057 Kammer- 161
- Angelika 47139 Im Eggenkamp 71
- Arthur 47239 Wilhelm- 6
- Bärbel 47179 Blumen- 27
- Barbara 47228 Otto-Schulenberg- 28
- Christa 47167 Gerling- 28
- Christian 47228 Heidacker 14
- Christina 47051 Main- 48
- Elisabeth 47198 Am Alefskamp 79c
- Elli 47198 Uettelsheimer Weg 52
- Friedrich 47198 Wilhelm- 126
- Heidemarie 47051 Main- 48
- Heiko 47137 Metzer- 30
- Helmut 47138 Dennewitz- 4
- Horst 47259 Albert-Schweitzer- 65
- Kurt 47198 Eichen- 29
- Kurt 47167 Gerling- 28
- Kurt 47198 Hedwig- 83
- Lieselotte 47198 Wilhelm- 126
- Lucia 47279 Rüstern- 1
- Margarete 47198 Eichen- 29
- Margot 47279 Rüstern- 52
- Melanie 47198 Hedwig- 83
- Peter 47051 Main- 48
- Petra 47057 Graben- 147
- Reane 47259 Albert-Schweitzer- 65
- Reinhold 47179 Blumen- 27
- Renate 47198 Prinzen- 68
- Rolf 47051 Main- 48
- Rüdiger 47139 Papiermühlen- 70
- Sina 47198 Prinzen- 68
- Stephan 47051 Main- 43
- Sylvia 47166 Beecker- 214a
- Thiemo 47259 Albert-Schweitzer- 65
- Volker 47057 Richard-Wagner- 7
Bürgerhoff-Flaß Hildegard
47058 Denkmal- 3
Bürgers Ernst 47119 Schifferheim- 5
- Frieda 47051 Lenne- 6
- Gertrud 47119 Schifferheim- 5
- Ingrid 47249 Sterneck- 24
- Manfred 47249 Sterneck- 24
- Michael 47198 Schiller- 28
- Nicole 47198 Kreuz- 40
- Reinhold 47198 Werner- 5
- Udo 47198 Werner- 5
- Wilhelm 47051 Lenne- 6
Bürgi Philipp 47059 Am Jägerloch 1
Bürhaus Christopher
47249 Kufsteiner- 79
Buerke Irmgard
47057 Richard-Dehmel- 7
Bürkle Arno 47167 Röntgen- 4
- Detlef 47119 First-Bismarck- 25
- Gerd 47167 Röntgen- 4
- Hannelore 47229 Kaiser- 53
- Petra 47166 Bertha-von-Suttner- 33
- Ruth 47058 Hansa- 98
- Ute 47228 Hochheider- 17
- Uwe 47166 Bertha-von-Suttner- 33
Bürklin Armin 47051 Peterstal 22
Bürkner Erika 47138 Koopmann- 165
Bürks Bianca 47249 Dahlien- 51
- Birgit 47279 Zu den Eschen 35
- Christina 47249 Kurt-Spindler- 25
- Claus 47279 Zu den Eschen 35
- Gabriele 47178 Friedrich-Ebert- 448
- Gertrude 47269 Am Golfplatz 10
- Helmut 47167 Lehrer- 49
- Karin 47279 Zu den Eschen 35
- Klaus 47178 Friedrich-Ebert- 448
- Rosa 47179 Heine- 89
- Wanda 47139 Haus-Knipp- 16
- Wilfried 47166 Kurt-Spindler- 25
Bürmann Annette 47057 Wehofer- 89
Buers Frank-Michael 47137 Horst- 53
- Petra 47137 Horst- 53
Bürschel Christel
47279 Am Brunnen 23
- Paul 47279 Bissingheimer- 291
- Petra 47057 Bismarck- 11
Bürsten Britta 47239 Brahms- 5
- Claudia 47166 Reichenberger- 23
- Daniel 47239 Brahms- 5
- Dirk 47055 Zum Lith 104
- Günter 47055 Zum Lith 94
- Heinz 47059 Java- 27
- Helga 47249 Sulibertus- 15
- Helga 47055 Zum Lith 94
- Hermann 47053 Valenkamp 9
- Hermine 47059 Java- 27
- Ilse 47051 Cölnischer- 5
- Ingrid 47229 Lesing- 11
- Jürgen 47249 Sulibertus- 15
- Karl 47138 Berliner- 117
- Manuela 47055 Zum Lith 104
Bürsinger Hannelore
47119 König-Fried.-Wilh.- 44
Bürstle Christiane
47279 Rüstern- 8
Bürvenich Horst 47259 Bitburger- 38
- Horst 47279 Großenbaumer Allee 45
- Ingeborg 47259 Bitburger- 38
- Ingeborg 47279 Zu den Wiesen 34
- Maria 47269 Steinbrink- 30
- Marianne 47249 Sterneck- 61
- Nikolaus 47279 Zu den Wiesen 34
- Ralf 47249 Walter-Schönheit- 19
- Ralf 47249 Lindauer- 28
- Rita 47269 Walter-Schönheit- 10
- Yvonne 47249 Steinbrink- 20
Büsch Hans 47249 Steinbrink- 20
Büscher Alexandra
47137 Nombericher- 35
- Andrea 47198 Varziner- 182
- Anneliese 47058 Moltke- 12
- Dietmar 47239 Wiesen- 8
- Elke 47167 Obere-Sterkrader- 159
- Erika 47259 Rosenberg- 14
- Frank 47228 Baumschul- 2
- Friedhelm 47226 Hahn- 14
- Gisela 47226 Eichendorff- 21
- Gudrun 47198 Halen- 14
- Günter 47226 Hochemmericher- 95
- Hannelore 47058 Ziegler- 81
- Hans 47198 Eberhard- 13
- Heike 47226 Ahorn- 12
- Helmut 47239 Wörth- 10
- Hildegard 47229 Hahn- 14
- Holger 47198 Robert- 60
- Inge 47198 Halen- 99
- Ingo 47239 Jahn- 13
- Johann 47137 Bronkhorst- 115
EinwohnerNamen-Teil
A-DU	Firmen, Gewerbebetriebe usw. nach Namen – siehe gelber Teil
